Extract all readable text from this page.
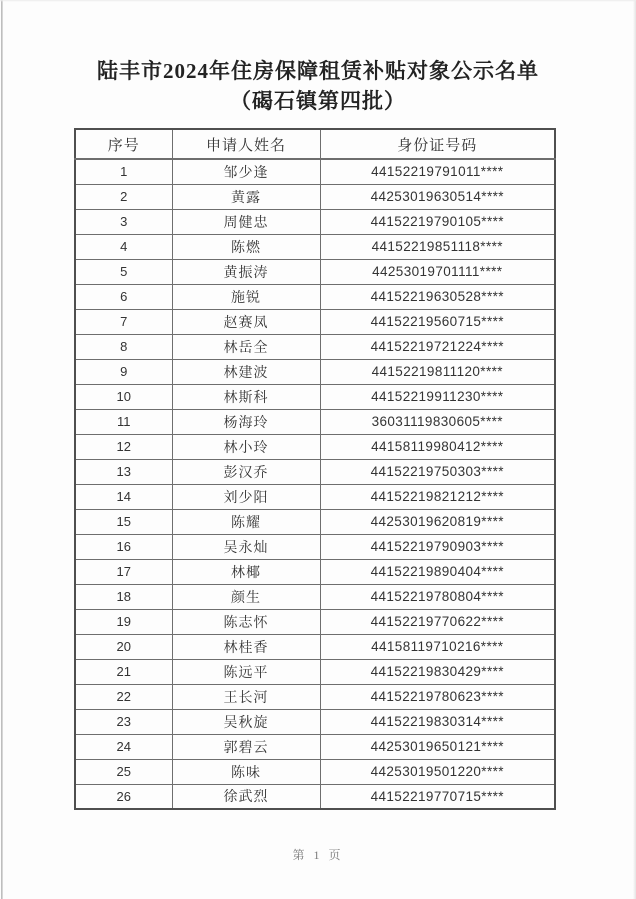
陆丰市2024年住房保障租赁补贴对象公示名单
（碣石镇第四批）
序号	申请人姓名	身份证号码
1	邹少逢	44152219791011****
2	黄露	44253019630514****
3	周健忠	44152219790105****
4	陈燃	44152219851118****
5	黄振涛	44253019701111****
6	施锐	44152219630528****
7	赵赛凤	44152219560715****
8	林岳全	44152219721224****
9	林建波	44152219811120****
10	林斯科	44152219911230****
11	杨海玲	36031119830605****
12	林小玲	44158119980412****
13	彭汉乔	44152219750303****
14	刘少阳	44152219821212****
15	陈耀	44253019620819****
16	吴永灿	44152219790903****
17	林椰	44152219890404****
18	颜生	44152219780804****
19	陈志怀	44152219770622****
20	林桂香	44158119710216****
21	陈远平	44152219830429****
22	王长河	44152219780623****
23	吴秋旋	44152219830314****
24	郭碧云	44253019650121****
25	陈味	44253019501220****
26	徐武烈	44152219770715****
第 1 页
